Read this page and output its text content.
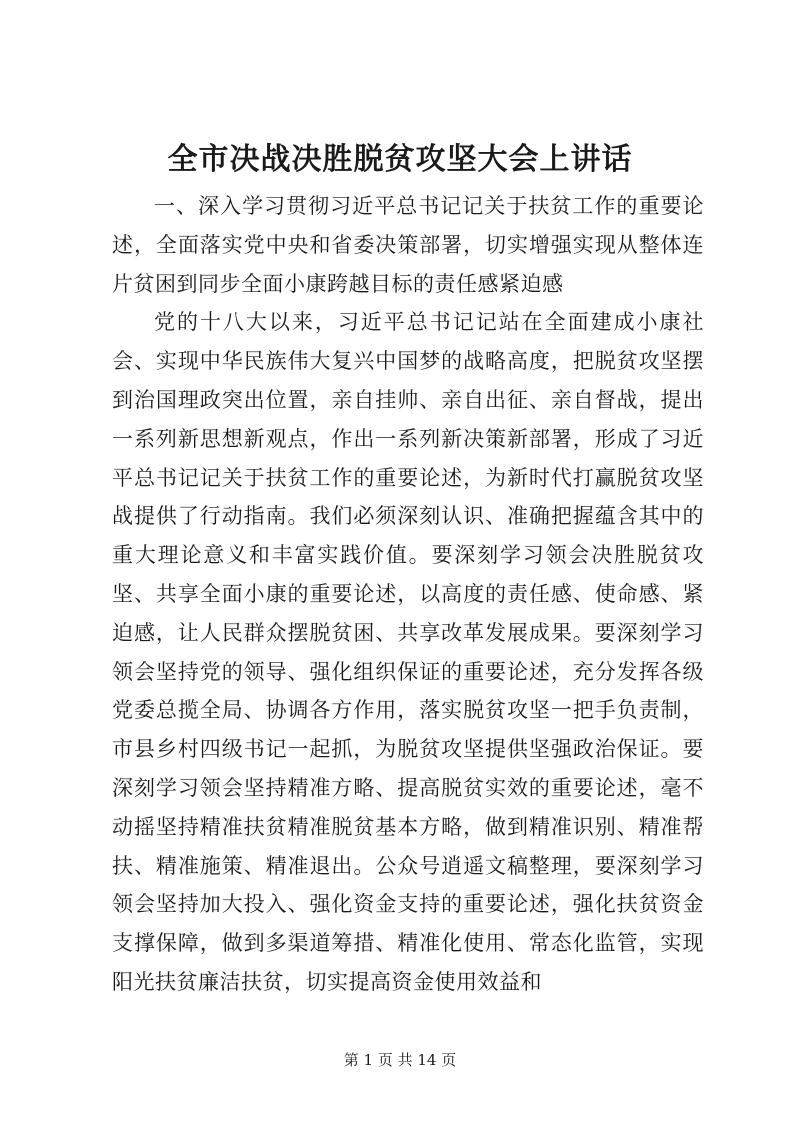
全市决战决胜脱贫攻坚大会上讲话

一、深入学习贯彻习近平总书记记关于扶贫工作的重要论述，全面落实党中央和省委决策部署，切实增强实现从整体连片贫困到同步全面小康跨越目标的责任感紧迫感

党的十八大以来，习近平总书记记站在全面建成小康社会、实现中华民族伟大复兴中国梦的战略高度，把脱贫攻坚摆到治国理政突出位置，亲自挂帅、亲自出征、亲自督战，提出一系列新思想新观点，作出一系列新决策新部署，形成了习近平总书记记关于扶贫工作的重要论述，为新时代打赢脱贫攻坚战提供了行动指南。我们必须深刻认识、准确把握蕴含其中的重大理论意义和丰富实践价值。要深刻学习领会决胜脱贫攻坚、共享全面小康的重要论述，以高度的责任感、使命感、紧迫感，让人民群众摆脱贫困、共享改革发展成果。要深刻学习领会坚持党的领导、强化组织保证的重要论述，充分发挥各级党委总揽全局、协调各方作用，落实脱贫攻坚一把手负责制，市县乡村四级书记一起抓，为脱贫攻坚提供坚强政治保证。要深刻学习领会坚持精准方略、提高脱贫实效的重要论述，毫不动摇坚持精准扶贫精准脱贫基本方略，做到精准识别、精准帮扶、精准施策、精准退出。公众号逍遥文稿整理，要深刻学习领会坚持加大投入、强化资金支持的重要论述，强化扶贫资金支撑保障，做到多渠道筹措、精准化使用、常态化监管，实现阳光扶贫廉洁扶贫，切实提高资金使用效益和

第 1 页 共 14 页
